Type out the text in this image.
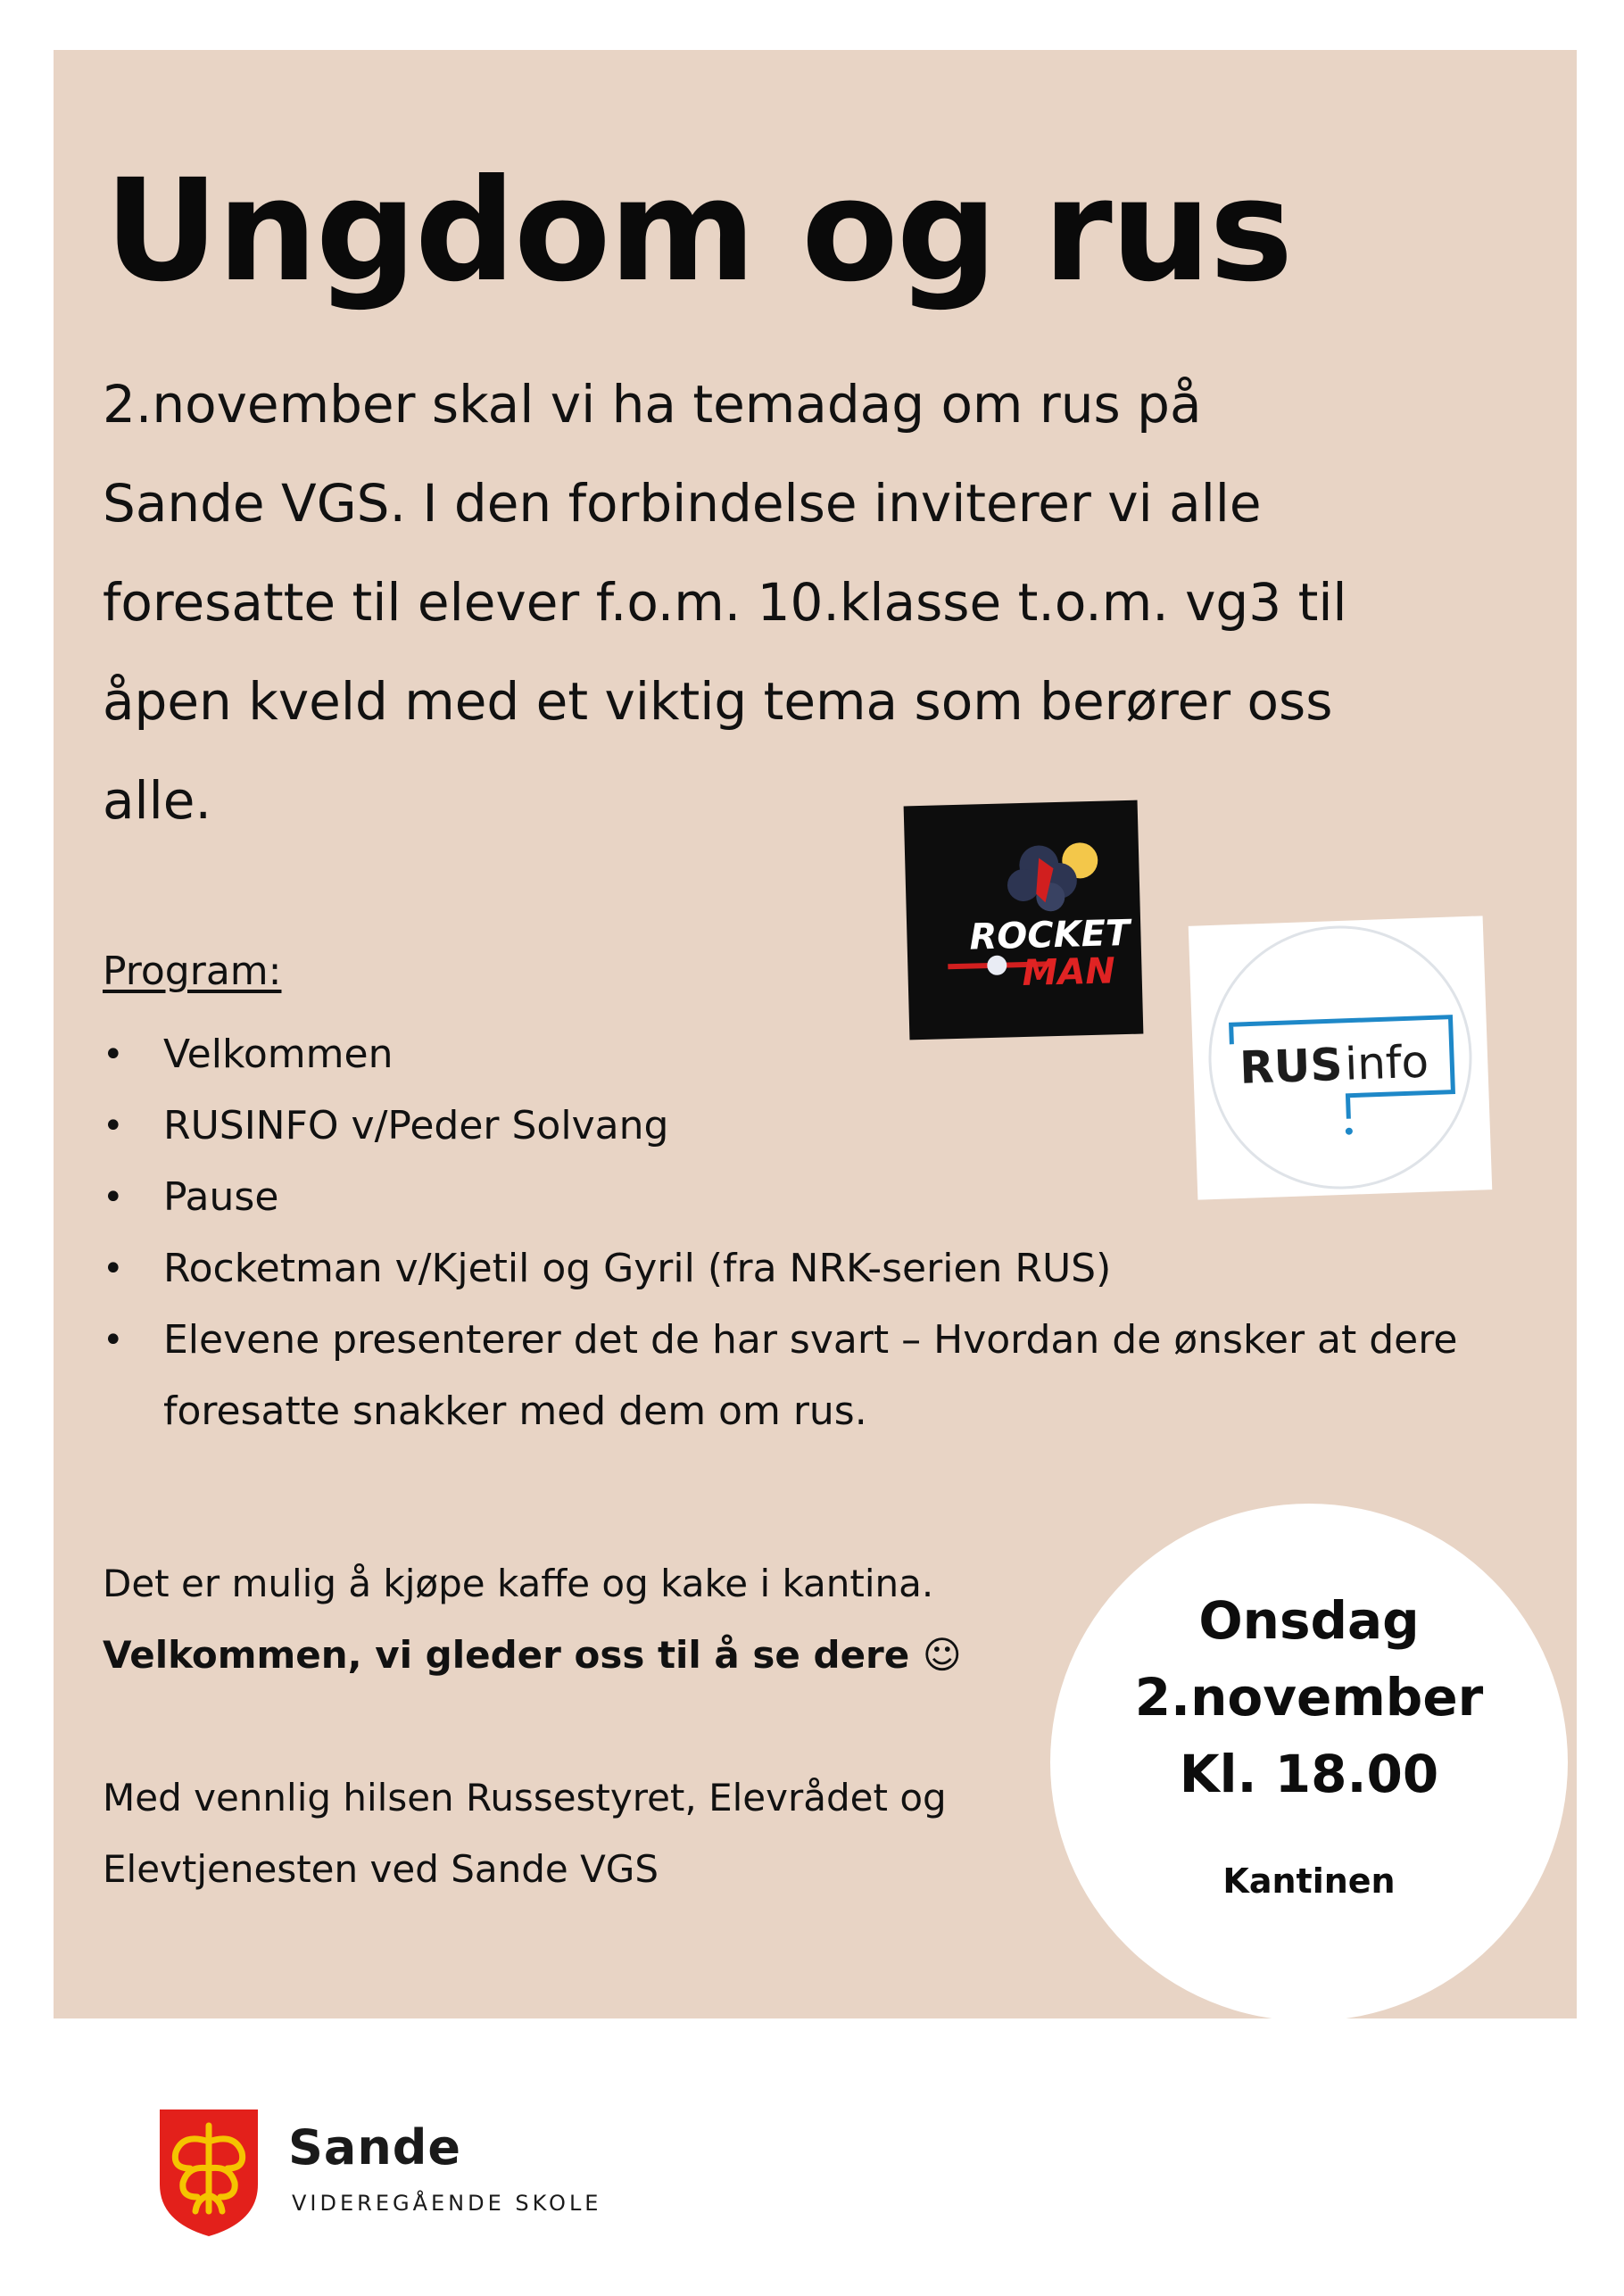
Ungdom og rus
2.november skal vi ha temadag om rus på
Sande VGS. I den forbindelse inviterer vi alle
foresatte til elever f.o.m. 10.klasse t.o.m. vg3 til
åpen kveld med et viktig tema som berører oss
alle.
ROCKET
MAN
RUS info

Program:

• Velkommen
• RUSINFO v/Peder Solvang
• Pause
• Rocketman v/Kjetil og Gyril (fra NRK-serien RUS)
• Elevene presenterer det de har svart – Hvordan de ønsker at dere foresatte snakker med dem om rus.

Det er mulig å kjøpe kaffe og kake i kantina.

Velkommen, vi gleder oss til å se dere ☺

Med vennlig hilsen Russestyret, Elevrådet og Elevtjenesten ved Sande VGS

Onsdag
2.november
Kl. 18.00
Kantinen

Sande

VIDEREGÅENDE SKOLE
